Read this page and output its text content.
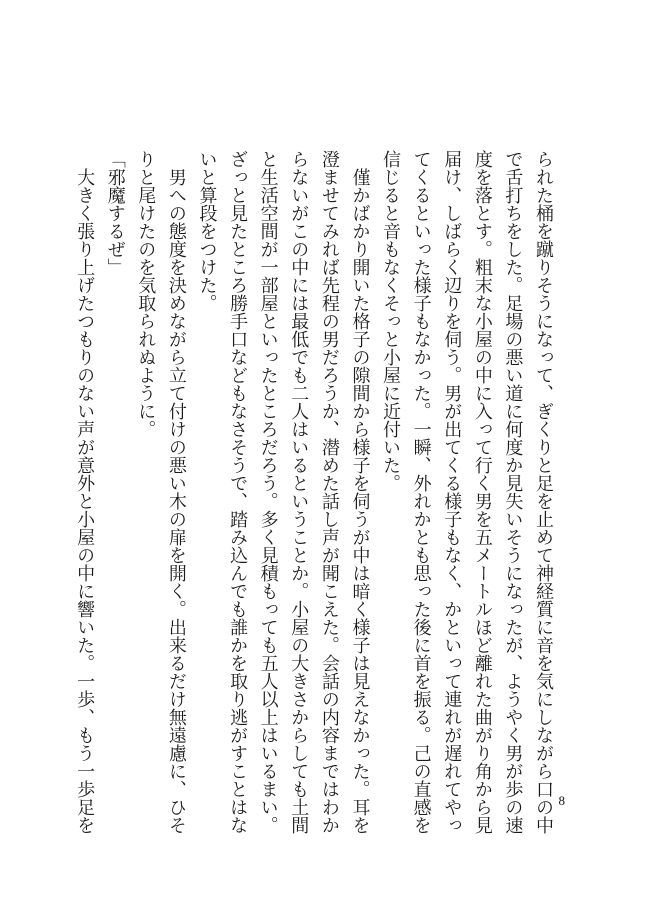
られた桶を蹴りそうになって、ぎくりと足を止めて神経質に音を気にしながら口の中

で舌打ちをした。足場の悪い道に何度か見失いそうになったが、ようやく男が歩の速

度を落とす。粗末な小屋の中に入って行く男を五メートルほど離れた曲がり角から見

届け、しばらく辺りを伺う。男が出てくる様子もなく、かといって連れが遅れてやっ

てくるといった様子もなかった。一瞬、外れかとも思った後に首を振る。己の直感を

信じると音もなくそっと小屋に近付いた。

　僅かばかり開いた格子の隙間から様子を伺うが中は暗く様子は見えなかった。耳を

澄ませてみれば先程の男だろうか、潜めた話し声が聞こえた。会話の内容まではわか

らないがこの中には最低でも二人はいるということか。小屋の大きさからしても土間

と生活空間が一部屋といったところだろう。多く見積もっても五人以上はいるまい。

ざっと見たところ勝手口などもなさそうで、踏み込んでも誰かを取り逃がすことはな

いと算段をつけた。

　男への態度を決めながら立て付けの悪い木の扉を開く。出来るだけ無遠慮に、ひそ

りと尾けたのを気取られぬように。

「邪魔するぜ」

　大きく張り上げたつもりのない声が意外と小屋の中に響いた。一歩、もう一歩足を	8
